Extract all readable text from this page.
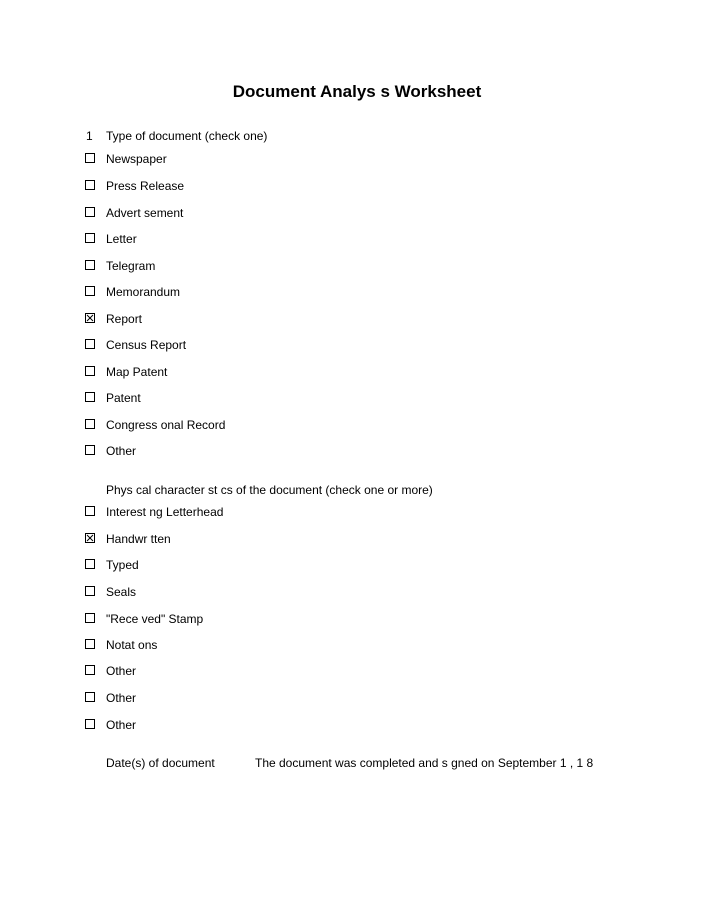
Document Analys s Worksheet
1 Type of document (check one)
Newspaper
Press Release
Advert sement
Letter
Telegram
Memorandum
Report
Census Report
Map Patent
Patent
Congress onal Record
Other
Phys cal character st cs of the document (check one or more)
Interest ng Letterhead
Handwr tten
Typed
Seals
"Rece ved" Stamp
Notat ons
Other
Other
Other
Date(s) of document	The document was completed and s gned on September 1 , 1 8
